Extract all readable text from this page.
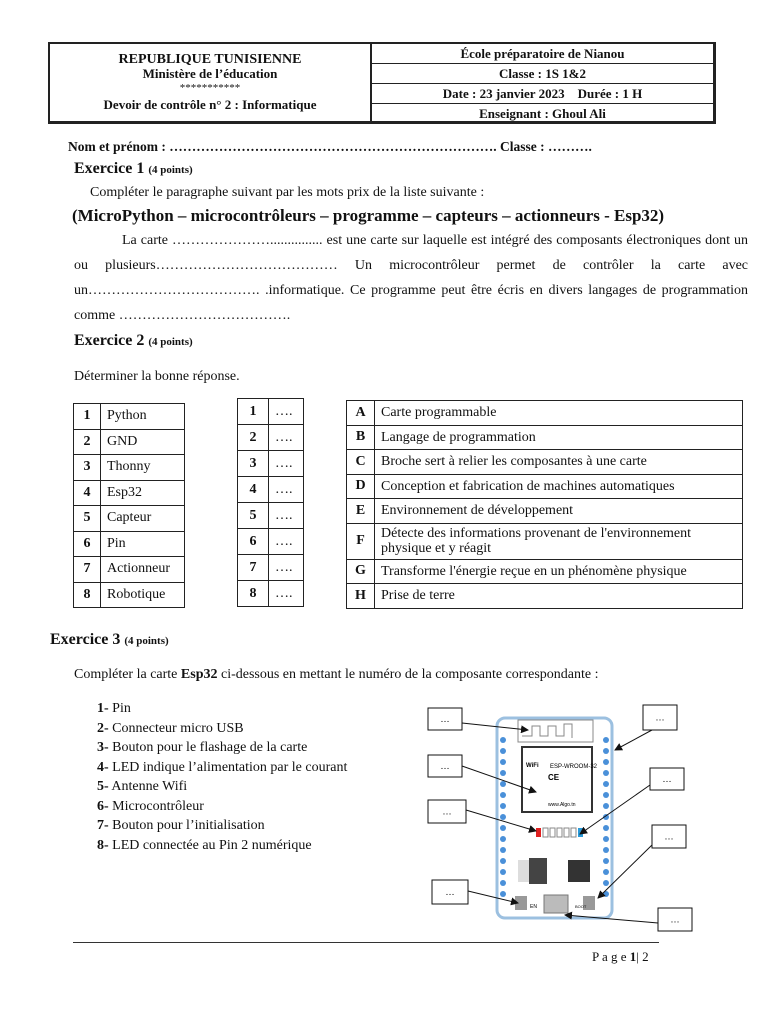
REPUBLIQUE TUNISIENNE
Ministère de l’éducation
***********
Devoir de contrôle n° 2 : Informatique
École préparatoire de Nianou
Classe : 1S 1&2
Date : 23 janvier 2023 Durée : 1 H
Enseignant : Ghoul Ali
Nom et prénom : ………………………………………………………………. Classe : ……….
Exercice 1 (4 points)
Compléter le paragraphe suivant par les mots prix de la liste suivante :
(MicroPython – microcontrôleurs – programme – capteurs – actionneurs - Esp32)
La carte …………………............... est une carte sur laquelle est intégré des composants électroniques dont un ou plusieurs………………………………… Un microcontrôleur permet de contrôler la carte avec un………………………………. .informatique. Ce programme peut être écris en divers langages de programmation comme ……………………………….
Exercice 2 (4 points)
Déterminer la bonne réponse.
1	Python
2	GND
3	Thonny
4	Esp32
5	Capteur
6	Pin
7	Actionneur
8	Robotique
1	….
2	….
3	….
4	….
5	….
6	….
7	….
8	….
A	Carte programmable
B	Langage de programmation
C	Broche sert à relier les composantes à une carte
D	Conception et fabrication de machines automatiques
E	Environnement de développement
F	Détecte des informations provenant de l'environnement physique et y réagit
G	Transforme l'énergie reçue en un phénomène physique
H	Prise de terre
Exercice 3 (4 points)
Compléter la carte Esp32 ci-dessous en mettant le numéro de la composante correspondante :
1- Pin
2- Connecteur micro USB
3- Bouton pour le flashage de la carte
4- LED indique l’alimentation par le courant
5- Antenne Wifi
6- Microcontrôleur
7- Bouton pour l’initialisation
8- LED connectée au Pin 2 numérique
ESP-WROOM-32
WiFi
www.Algo.tn
CE
EN	BOOT
…	…
…
…
…
…
…
…
P a g e 1| 2
